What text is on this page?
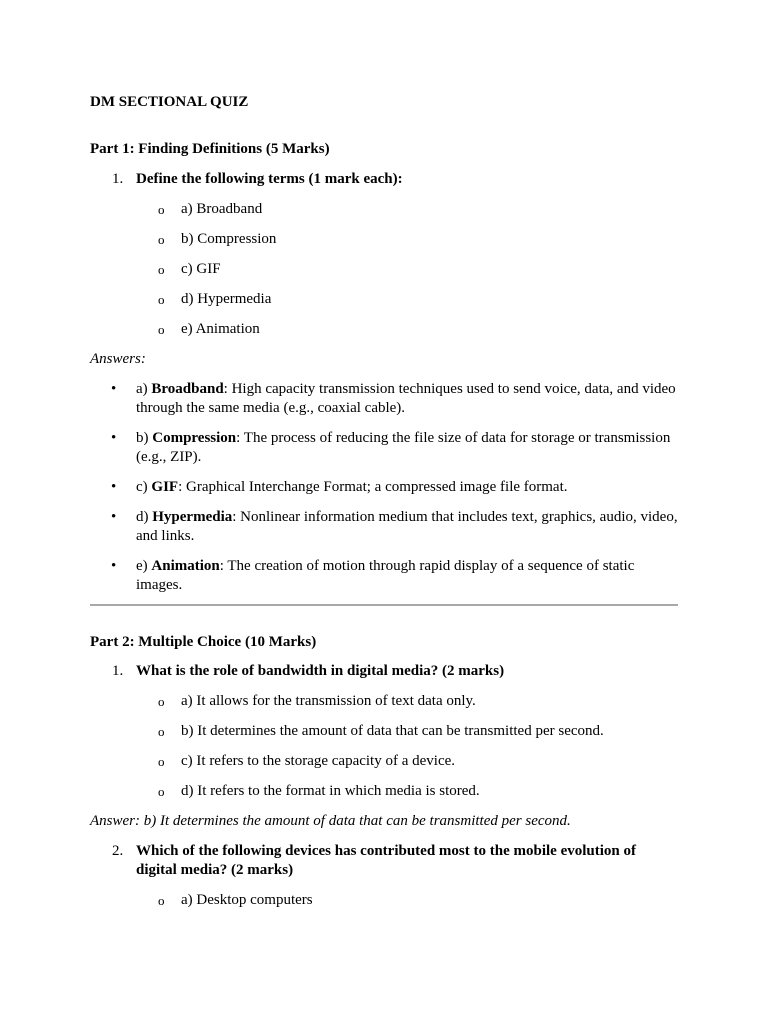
DM SECTIONAL QUIZ
Part 1: Finding Definitions (5 Marks)
1. Define the following terms (1 mark each):
o a) Broadband
o b) Compression
o c) GIF
o d) Hypermedia
o e) Animation
Answers:
• a) Broadband: High capacity transmission techniques used to send voice, data, and video through the same media (e.g., coaxial cable).
• b) Compression: The process of reducing the file size of data for storage or transmission (e.g., ZIP).
• c) GIF: Graphical Interchange Format; a compressed image file format.
• d) Hypermedia: Nonlinear information medium that includes text, graphics, audio, video, and links.
• e) Animation: The creation of motion through rapid display of a sequence of static images.
Part 2: Multiple Choice (10 Marks)
1. What is the role of bandwidth in digital media? (2 marks)
o a) It allows for the transmission of text data only.
o b) It determines the amount of data that can be transmitted per second.
o c) It refers to the storage capacity of a device.
o d) It refers to the format in which media is stored.
Answer: b) It determines the amount of data that can be transmitted per second.
2. Which of the following devices has contributed most to the mobile evolution of digital media? (2 marks)
o a) Desktop computers
